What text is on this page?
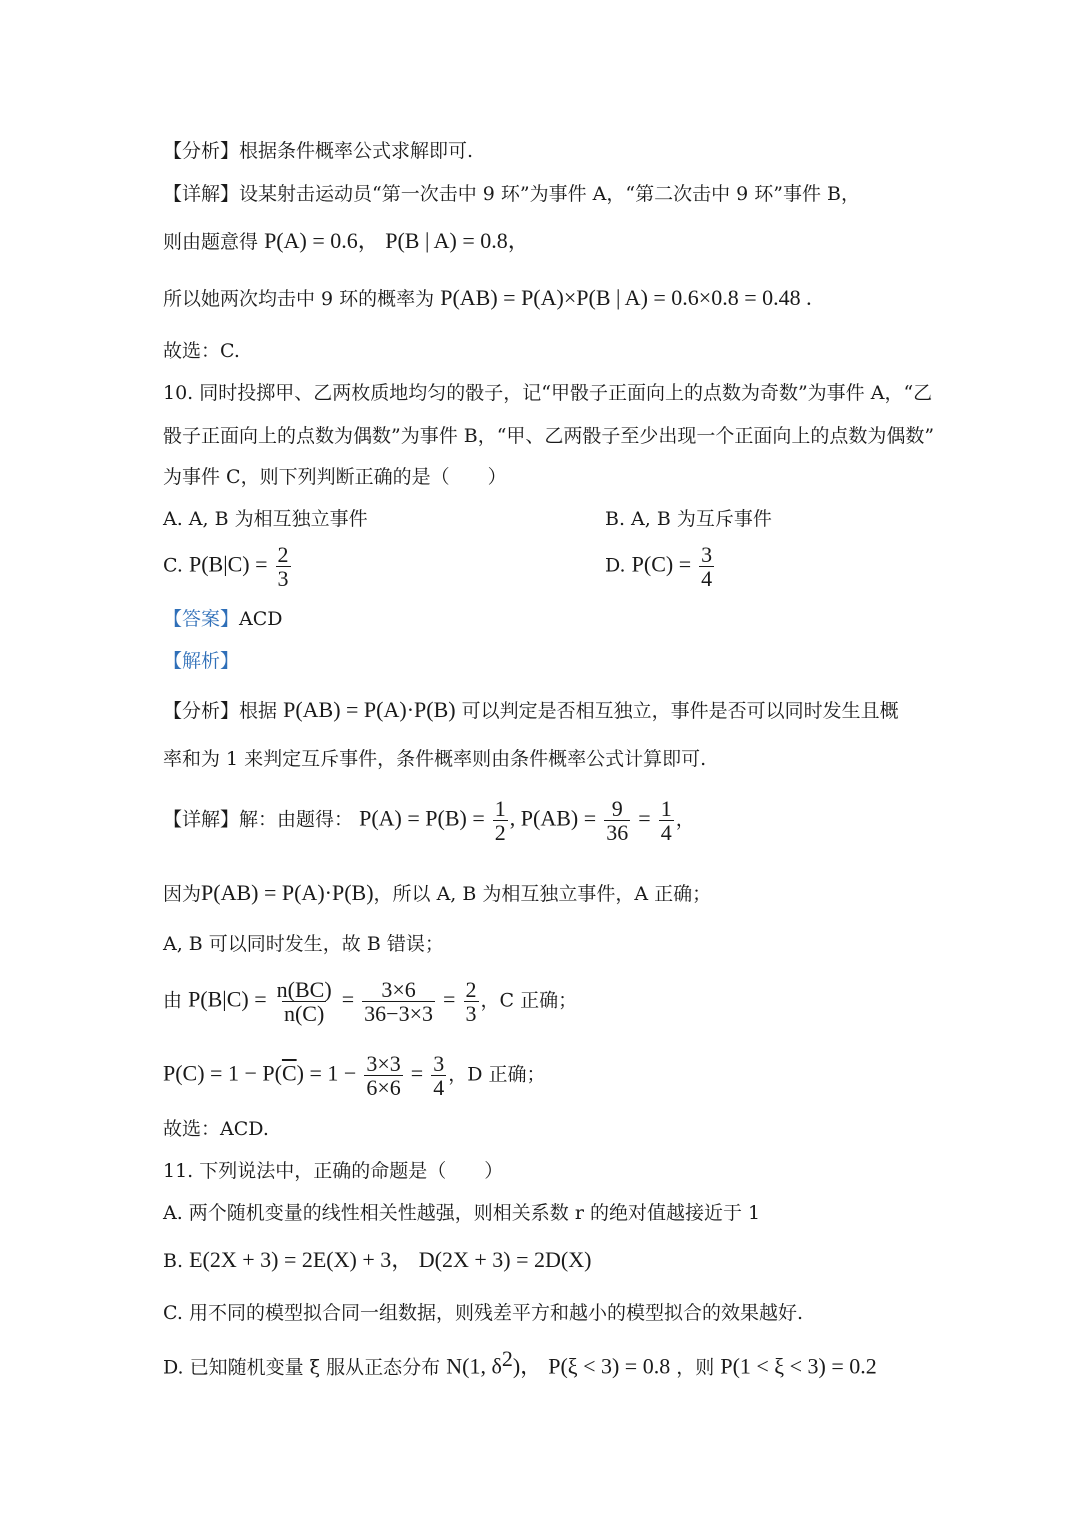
【分析】根据条件概率公式求解即可.
【详解】设某射击运动员“第一次击中 9 环”为事件 A，“第二次击中 9 环”事件 B，
则由题意得 P(A) = 0.6， P(B | A) = 0.8，
所以她两次均击中 9 环的概率为 P(AB) = P(A)×P(B | A) = 0.6×0.8 = 0.48 .
故选：C.
10. 同时投掷甲、乙两枚质地均匀的骰子，记“甲骰子正面向上的点数为奇数”为事件 A，“乙
骰子正面向上的点数为偶数”为事件 B，“甲、乙两骰子至少出现一个正面向上的点数为偶数”
为事件 C，则下列判断正确的是（　　）
A. A, B 为相互独立事件	B. A, B 为互斥事件
C. $P(B|C) = \frac{2}{3}$	D. $P(C) = \frac{3}{4}$
【答案】ACD
【解析】
【分析】根据 P(AB) = P(A)·P(B) 可以判定是否相互独立，事件是否可以同时发生且概
率和为 1 来判定互斥事件，条件概率则由条件概率公式计算即可.
【详解】解：由题得： $P(A) = P(B) = \frac{1}{2}$ , $P(AB) = \frac{9}{36} = \frac{1}{4}$ ，
因为P(AB) = P(A)·P(B)，所以 A, B 为相互独立事件，A 正确；
A, B 可以同时发生，故 B 错误；
由 $P(B|C) = \frac{n(BC)}{n(C)} = \frac{3\times 6}{36-3\times 3} = \frac{2}{3}$ ，C 正确；
$P(C) = 1 - P(\overline{C}) = 1 - \frac{3\times 3}{6\times 6} = \frac{3}{4}$ ，D 正确；
故选：ACD.
11. 下列说法中，正确的命题是（　　）
A. 两个随机变量的线性相关性越强，则相关系数 r 的绝对值越接近于 1
B. E(2X + 3) = 2E(X) + 3， D(2X + 3) = 2D(X)
C. 用不同的模型拟合同一组数据，则残差平方和越小的模型拟合的效果越好.
D. 已知随机变量 ξ 服从正态分布 N(1, $\delta^2$)， P(ξ < 3) = 0.8 ，则 P(1 < ξ < 3) = 0.2
